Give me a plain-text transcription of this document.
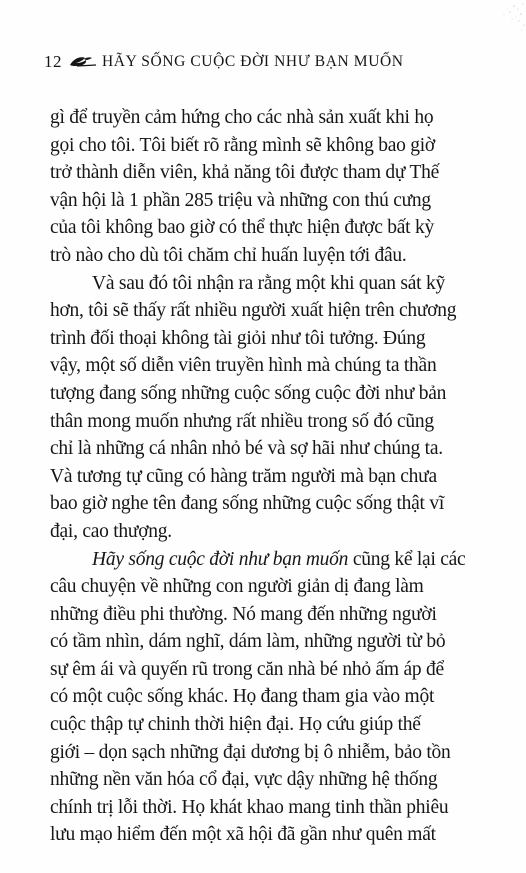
12	HÃY SỐNG CUỘC ĐỜI NHƯ BẠN MUỐN
gì để truyền cảm hứng cho các nhà sản xuất khi họ
gọi cho tôi. Tôi biết rõ rằng mình sẽ không bao giờ
trở thành diễn viên, khả năng tôi được tham dự Thế
vận hội là 1 phần 285 triệu và những con thú cưng
của tôi không bao giờ có thể thực hiện được bất kỳ
trò nào cho dù tôi chăm chỉ huấn luyện tới đâu.
Và sau đó tôi nhận ra rằng một khi quan sát kỹ
hơn, tôi sẽ thấy rất nhiều người xuất hiện trên chương
trình đối thoại không tài giỏi như tôi tưởng. Đúng
vậy, một số diễn viên truyền hình mà chúng ta thần
tượng đang sống những cuộc sống cuộc đời như bản
thân mong muốn nhưng rất nhiều trong số đó cũng
chỉ là những cá nhân nhỏ bé và sợ hãi như chúng ta.
Và tương tự cũng có hàng trăm người mà bạn chưa
bao giờ nghe tên đang sống những cuộc sống thật vĩ
đại, cao thượng.
Hãy sống cuộc đời như bạn muốn cũng kể lại các
câu chuyện về những con người giản dị đang làm
những điều phi thường. Nó mang đến những người
có tầm nhìn, dám nghĩ, dám làm, những người từ bỏ
sự êm ái và quyến rũ trong căn nhà bé nhỏ ấm áp để
có một cuộc sống khác. Họ đang tham gia vào một
cuộc thập tự chinh thời hiện đại. Họ cứu giúp thế
giới – dọn sạch những đại dương bị ô nhiễm, bảo tồn
những nền văn hóa cổ đại, vực dậy những hệ thống
chính trị lỗi thời. Họ khát khao mang tinh thần phiêu
lưu mạo hiểm đến một xã hội đã gần như quên mất
